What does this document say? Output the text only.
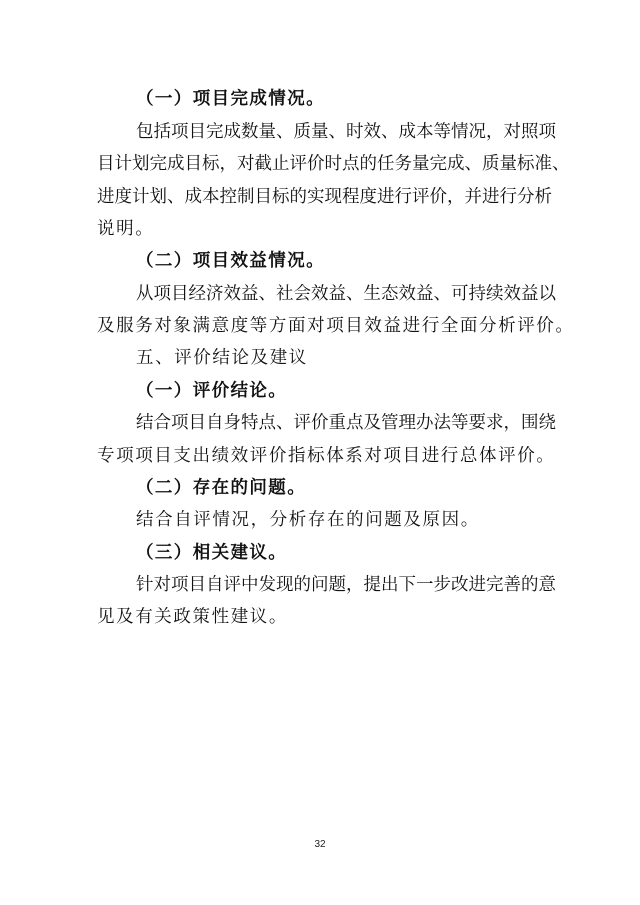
（一）项目完成情况。
包 括 项 目 完 成 数 量 、 质 量 、 时 效 、 成 本 等 情 况 ， 对 照 项
目 计 划 完 成 目 标 ， 对 截 止 评 价 时 点 的 任 务 量 完 成 、 质 量 标 准 、
进 度 计 划 、 成 本 控 制 目 标 的 实 现 程 度 进 行 评 价 ， 并 进 行 分 析
说明。
（二）项目效益情况。
从 项 目 经 济 效 益 、 社 会 效 益 、 生 态 效 益 、 可 持 续 效 益 以
及服务对象满意度等方面对项目效益进行全面分析评价。
五、评价结论及建议
（一）评价结论。
结 合 项 目 自 身 特 点 、 评 价 重 点 及 管 理 办 法 等 要 求 ， 围 绕
专项项目支出绩效评价指标体系对项目进行总体评价。
（二）存在的问题。
结合自评情况，分析存在的问题及原因。
（三）相关建议。
针 对 项 目 自 评 中 发 现 的 问 题 ， 提 出 下 一 步 改 进 完 善 的 意
见及有关政策性建议。
32
